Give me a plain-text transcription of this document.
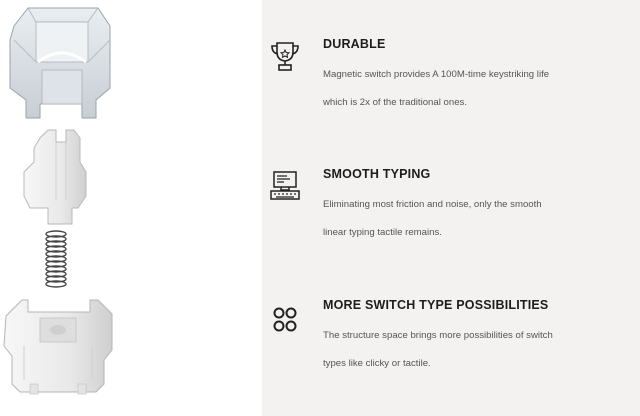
DURABLE

Magnetic switch provides A 100M-time keystriking life
which is 2x of the traditional ones.

SMOOTH TYPING

Eliminating most friction and noise, only the smooth
linear typing tactile remains.

MORE SWITCH TYPE POSSIBILITIES

The structure space brings more possibilities of switch
types like clicky or tactile.
